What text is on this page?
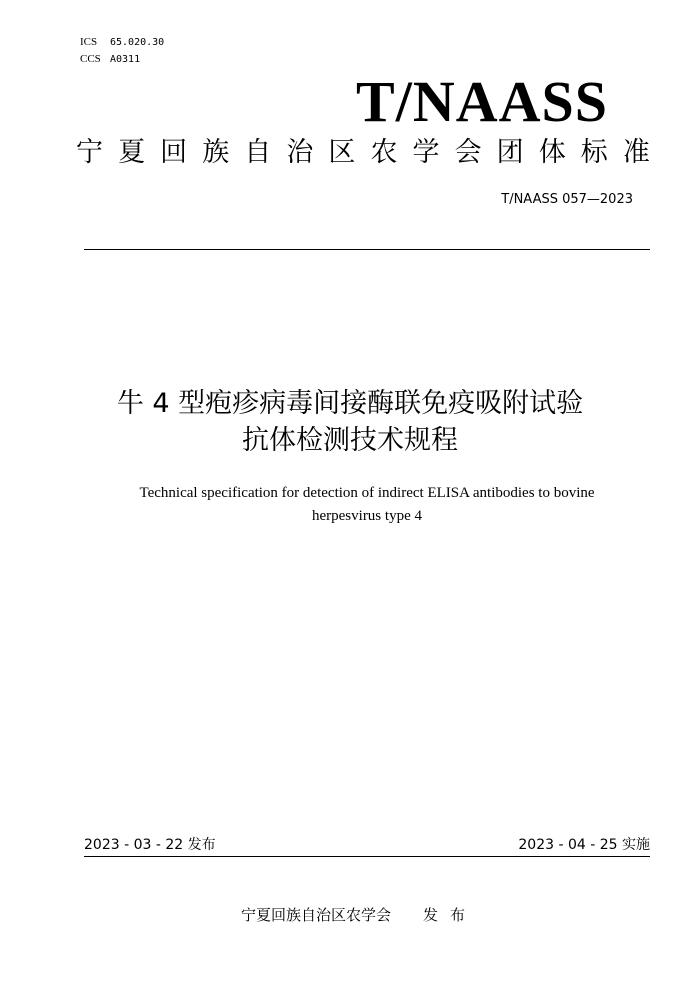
ICS 65.020.30
CCS A0311
T/NAASS
宁 夏 回 族 自 治 区 农 学 会 团 体 标 准
T/NAASS 057—2023
牛 4 型疱疹病毒间接酶联免疫吸附试验
抗体检测技术规程
Technical specification for detection of indirect ELISA antibodies to bovine
herpesvirus type 4
2023 - 03 - 22 发布	2023 - 04 - 25 实施
宁夏回族自治区农学会 发布
